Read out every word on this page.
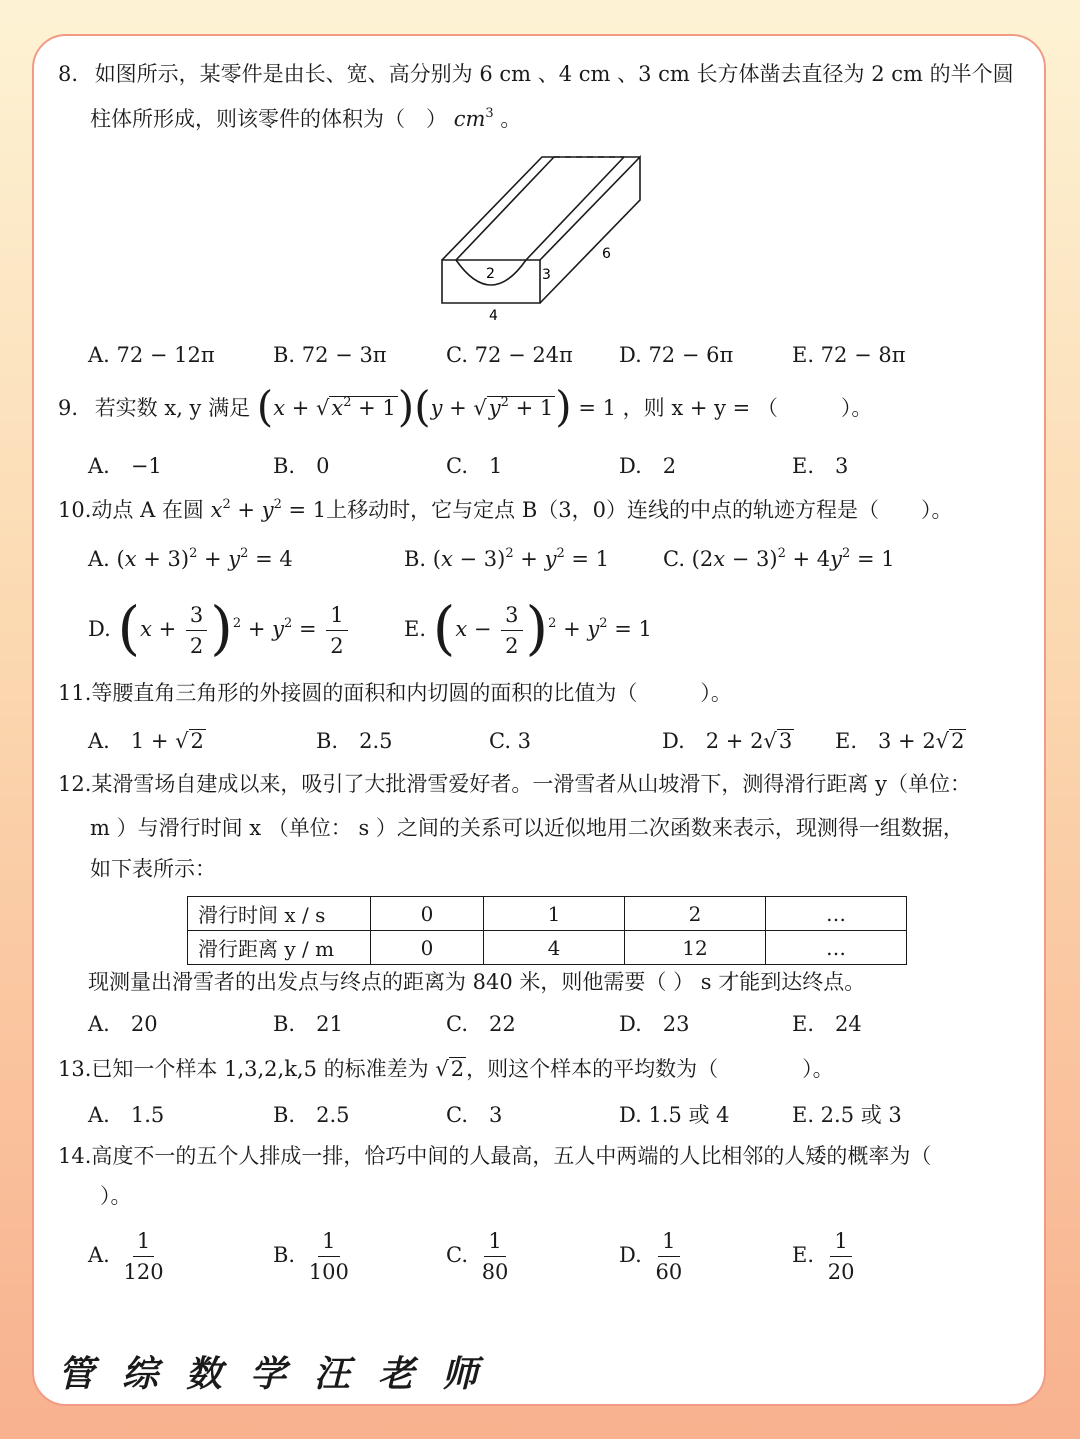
8. 如图所示，某零件是由长、宽、高分别为 6 cm 、4 cm 、3 cm 长方体凿去直径为 2 cm 的半个圆
柱体所形成，则该零件的体积为（　） $cm^3$ 。
2	3
6
4
A. 72 − 12π	B. 72 − 3π	C. 72 − 24π D. 72 − 6π	E. 72 − 8π
9. 若实数 x, y 满足 $(x + √x^2 + 1)(y + √y^2 + 1) = 1$ ，则 x + y = （　　　）。
A.　−1	B.　0	C.　1	D.　2	E.　3
10.动点 A 在圆 $x^2 + y^2 = 1$上移动时，它与定点 B（3，0）连线的中点的轨迹方程是（　　）。
A. $(x + 3)^2 + y^2 = 4$	B. $(x - 3)^2 + y^2 = 1$	C. $(2x - 3)^2 + 4y^2 = 1$
D. $(x + \frac{3}{2} )^2 + y^2 = \frac{1}{2}$	E. $(x - \frac{3}{2} )^2 + y^2 = 1$
11.等腰直角三角形的外接圆的面积和内切圆的面积的比值为（　　　）。
A.　1 + √2	B.　2.5	C. 3	D.　2 + 2√3 E.　3 + 2√2
12.某滑雪场自建成以来，吸引了大批滑雪爱好者。一滑雪者从山坡滑下，测得滑行距离 y（单位：
m ）与滑行时间 x （单位： s ）之间的关系可以近似地用二次函数来表示，现测得一组数据，
如下表所示：
滑行时间 x / s	0	1	2	…
滑行距离 y / m	0	4	12	…
现测量出滑雪者的出发点与终点的距离为 840 米，则他需要（ ） s 才能到达终点。
A.　20	B.　21	C.　22	D.　23	E.　24
13.已知一个样本 1,3,2,k,5 的标准差为 √2，则这个样本的平均数为（　　　　）。
A.　1.5	B.　2.5	C.　3	D. 1.5 或 4	E. 2.5 或 3
14.高度不一的五个人排成一排，恰巧中间的人最高，五人中两端的人比相邻的人矮的概率为（
）。
A. $\frac{1}{120}$	B. $\frac{1}{100}$	C. $\frac{1}{80}$	D. $\frac{1}{60}$	E. $\frac{1}{20}$
管综数学汪老师
